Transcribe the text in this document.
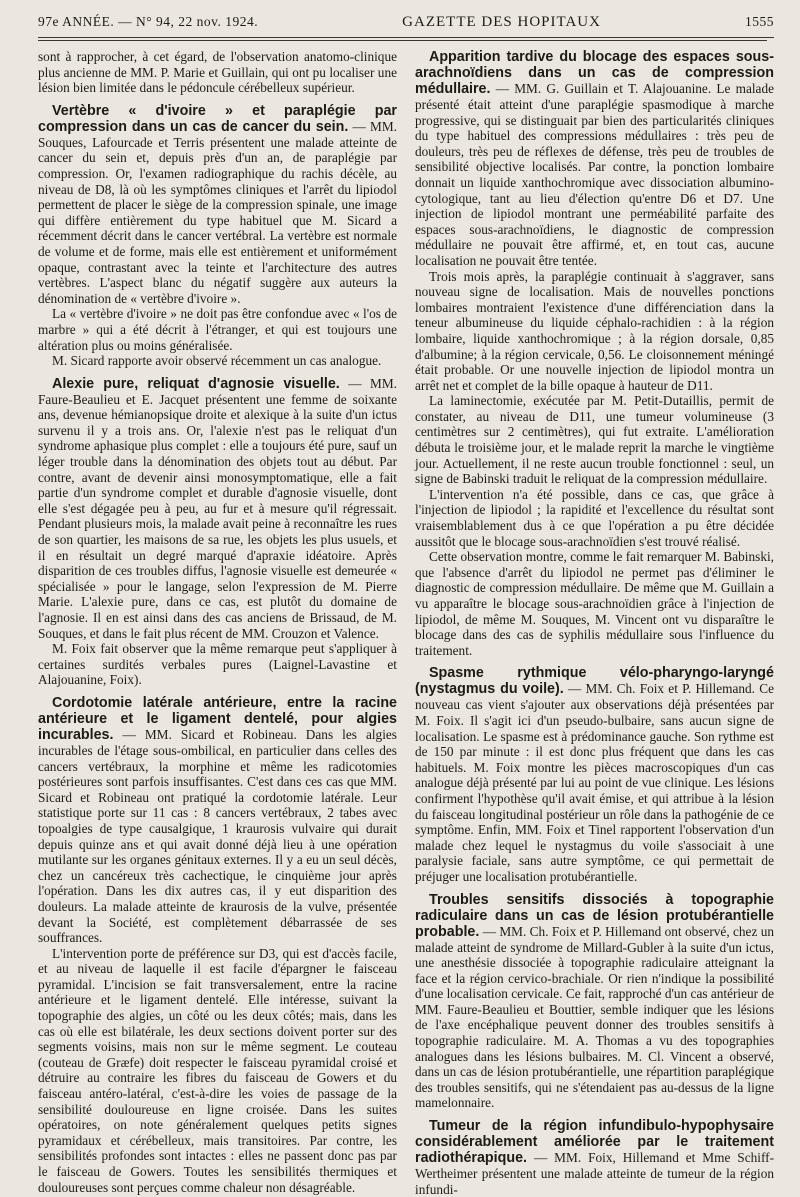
97e ANNÉE. — N° 94, 22 nov. 1924.	GAZETTE DES HOPITAUX	1555

sont à rapprocher, à cet égard, de l'observation anatomo-clinique plus ancienne de MM. P. Marie et Guillain, qui ont pu localiser une lésion bien limitée dans le pédoncule cérébelleux supérieur.

Vertèbre « d'ivoire » et paraplégie par compression dans un cas de cancer du sein. — MM. Souques, Lafourcade et Terris présentent une malade atteinte de cancer du sein et, depuis près d'un an, de paraplégie par compression. Or, l'examen radiographique du rachis décèle, au niveau de D8, là où les symptômes cliniques et l'arrêt du lipiodol permettent de placer le siège de la compression spinale, une image qui diffère entièrement du type habituel que M. Sicard a récemment décrit dans le cancer vertébral. La vertèbre est normale de volume et de forme, mais elle est entièrement et uniformément opaque, contrastant avec la teinte et l'architecture des autres vertèbres. L'aspect blanc du négatif suggère aux auteurs la dénomination de « vertèbre d'ivoire ».

La « vertèbre d'ivoire » ne doit pas être confondue avec « l'os de marbre » qui a été décrit à l'étranger, et qui est toujours une altération plus ou moins généralisée.

M. Sicard rapporte avoir observé récemment un cas analogue.

Alexie pure, reliquat d'agnosie visuelle. — MM. Faure-Beaulieu et E. Jacquet présentent une femme de soixante ans, devenue hémianopsique droite et alexique à la suite d'un ictus survenu il y a trois ans. Or, l'alexie n'est pas le reliquat d'un syndrome aphasique plus complet : elle a toujours été pure, sauf un léger trouble dans la dénomination des objets tout au début. Par contre, avant de devenir ainsi monosymptomatique, elle a fait partie d'un syndrome complet et durable d'agnosie visuelle, dont elle s'est dégagée peu à peu, au fur et à mesure qu'il régressait. Pendant plusieurs mois, la malade avait peine à reconnaître les rues de son quartier, les maisons de sa rue, les objets les plus usuels, et il en résultait un degré marqué d'apraxie idéatoire. Après disparition de ces troubles diffus, l'agnosie visuelle est demeurée « spécialisée » pour le langage, selon l'expression de M. Pierre Marie. L'alexie pure, dans ce cas, est plutôt du domaine de l'agnosie. Il en est ainsi dans des cas anciens de Brissaud, de M. Souques, et dans le fait plus récent de MM. Crouzon et Valence.

M. Foix fait observer que la même remarque peut s'appliquer à certaines surdités verbales pures (Laignel-Lavastine et Alajouanine, Foix).

Cordotomie latérale antérieure, entre la racine antérieure et le ligament dentelé, pour algies incurables. — MM. Sicard et Robineau. Dans les algies incurables de l'étage sous-ombilical, en particulier dans celles des cancers vertébraux, la morphine et même les radicotomies postérieures sont parfois insuffisantes. C'est dans ces cas que MM. Sicard et Robineau ont pratiqué la cordotomie latérale. Leur statistique porte sur 11 cas : 8 cancers vertébraux, 2 tabes avec topoalgies de type causalgique, 1 kraurosis vulvaire qui durait depuis quinze ans et qui avait donné déjà lieu à une opération mutilante sur les organes génitaux externes. Il y a eu un seul décès, chez un cancéreux très cachectique, le cinquième jour après l'opération. Dans les dix autres cas, il y eut disparition des douleurs. La malade atteinte de kraurosis de la vulve, présentée devant la Société, est complètement débarrassée de ses souffrances.

L'intervention porte de préférence sur D3, qui est d'accès facile, et au niveau de laquelle il est facile d'épargner le faisceau pyramidal. L'incision se fait transversalement, entre la racine antérieure et le ligament dentelé. Elle intéresse, suivant la topographie des algies, un côté ou les deux côtés; mais, dans les cas où elle est bilatérale, les deux sections doivent porter sur des segments voisins, mais non sur le même segment. Le couteau (couteau de Græfe) doit respecter le faisceau pyramidal croisé et détruire au contraire les fibres du faisceau de Gowers et du faisceau antéro-latéral, c'est-à-dire les voies de passage de la sensibilité douloureuse en ligne croisée. Dans les suites opératoires, on note généralement quelques petits signes pyramidaux et cérébelleux, mais transitoires. Par contre, les sensibilités profondes sont intactes : elles ne passent donc pas par le faisceau de Gowers. Toutes les sensibilités thermiques et douloureuses sont perçues comme chaleur non désagréable.

Apparition tardive du blocage des espaces sous-arachnoïdiens dans un cas de compression médullaire. — MM. G. Guillain et T. Alajouanine. Le malade présenté était atteint d'une paraplégie spasmodique à marche progressive, qui se distinguait par bien des particularités cliniques du type habituel des compressions médullaires : très peu de douleurs, très peu de réflexes de défense, très peu de troubles de sensibilité objective localisés. Par contre, la ponction lombaire donnait un liquide xanthochromique avec dissociation albumino-cytologique, tant au lieu d'élection qu'entre D6 et D7. Une injection de lipiodol montrant une perméabilité parfaite des espaces sous-arachnoïdiens, le diagnostic de compression médullaire ne pouvait être affirmé, et, en tout cas, aucune localisation ne pouvait être tentée.

Trois mois après, la paraplégie continuait à s'aggraver, sans nouveau signe de localisation. Mais de nouvelles ponctions lombaires montraient l'existence d'une différenciation dans la teneur albumineuse du liquide céphalo-rachidien : à la région lombaire, liquide xanthochromique ; à la région dorsale, 0,85 d'albumine; à la région cervicale, 0,56. Le cloisonnement méningé était probable. Or une nouvelle injection de lipiodol montra un arrêt net et complet de la bille opaque à hauteur de D11.

La laminectomie, exécutée par M. Petit-Dutaillis, permit de constater, au niveau de D11, une tumeur volumineuse (3 centimètres sur 2 centimètres), qui fut extraite. L'amélioration débuta le troisième jour, et le malade reprit la marche le vingtième jour. Actuellement, il ne reste aucun trouble fonctionnel : seul, un signe de Babinski traduit le reliquat de la compression médullaire.

L'intervention n'a été possible, dans ce cas, que grâce à l'injection de lipiodol ; la rapidité et l'excellence du résultat sont vraisemblablement dus à ce que l'opération a pu être décidée aussitôt que le blocage sous-arachnoïdien s'est trouvé réalisé.

Cette observation montre, comme le fait remarquer M. Babinski, que l'absence d'arrêt du lipiodol ne permet pas d'éliminer le diagnostic de compression médullaire. De même que M. Guillain a vu apparaître le blocage sous-arachnoïdien grâce à l'injection de lipiodol, de même M. Souques, M. Vincent ont vu disparaître le blocage dans des cas de syphilis médullaire sous l'influence du traitement.

Spasme rythmique vélo-pharyngo-laryngé (nystagmus du voile). — MM. Ch. Foix et P. Hillemand. Ce nouveau cas vient s'ajouter aux observations déjà présentées par M. Foix. Il s'agit ici d'un pseudo-bulbaire, sans aucun signe de localisation. Le spasme est à prédominance gauche. Son rythme est de 150 par minute : il est donc plus fréquent que dans les cas habituels. M. Foix montre les pièces macroscopiques d'un cas analogue déjà présenté par lui au point de vue clinique. Les lésions confirment l'hypothèse qu'il avait émise, et qui attribue à la lésion du faisceau longitudinal postérieur un rôle dans la pathogénie de ce symptôme. Enfin, MM. Foix et Tinel rapportent l'observation d'un malade chez lequel le nystagmus du voile s'associait à une paralysie faciale, sans autre symptôme, ce qui permettait de préjuger une localisation protubérantielle.

Troubles sensitifs dissociés à topographie radiculaire dans un cas de lésion protubérantielle probable. — MM. Ch. Foix et P. Hillemand ont observé, chez un malade atteint de syndrome de Millard-Gubler à la suite d'un ictus, une anesthésie dissociée à topographie radiculaire atteignant la face et la région cervico-brachiale. Or rien n'indique la possibilité d'une localisation cervicale. Ce fait, rapproché d'un cas antérieur de MM. Faure-Beaulieu et Bouttier, semble indiquer que les lésions de l'axe encéphalique peuvent donner des troubles sensitifs à topographie radiculaire. M. A. Thomas a vu des topographies analogues dans les lésions bulbaires. M. Cl. Vincent a observé, dans un cas de lésion protubérantielle, une répartition paraplégique des troubles sensitifs, qui ne s'étendaient pas au-dessus de la ligne mamelonnaire.

Tumeur de la région infundibulo-hypophysaire considérablement améliorée par le traitement radiothérapique. — MM. Foix, Hillemand et Mme Schiff-Wertheimer présentent une malade atteinte de tumeur de la région infundi-
